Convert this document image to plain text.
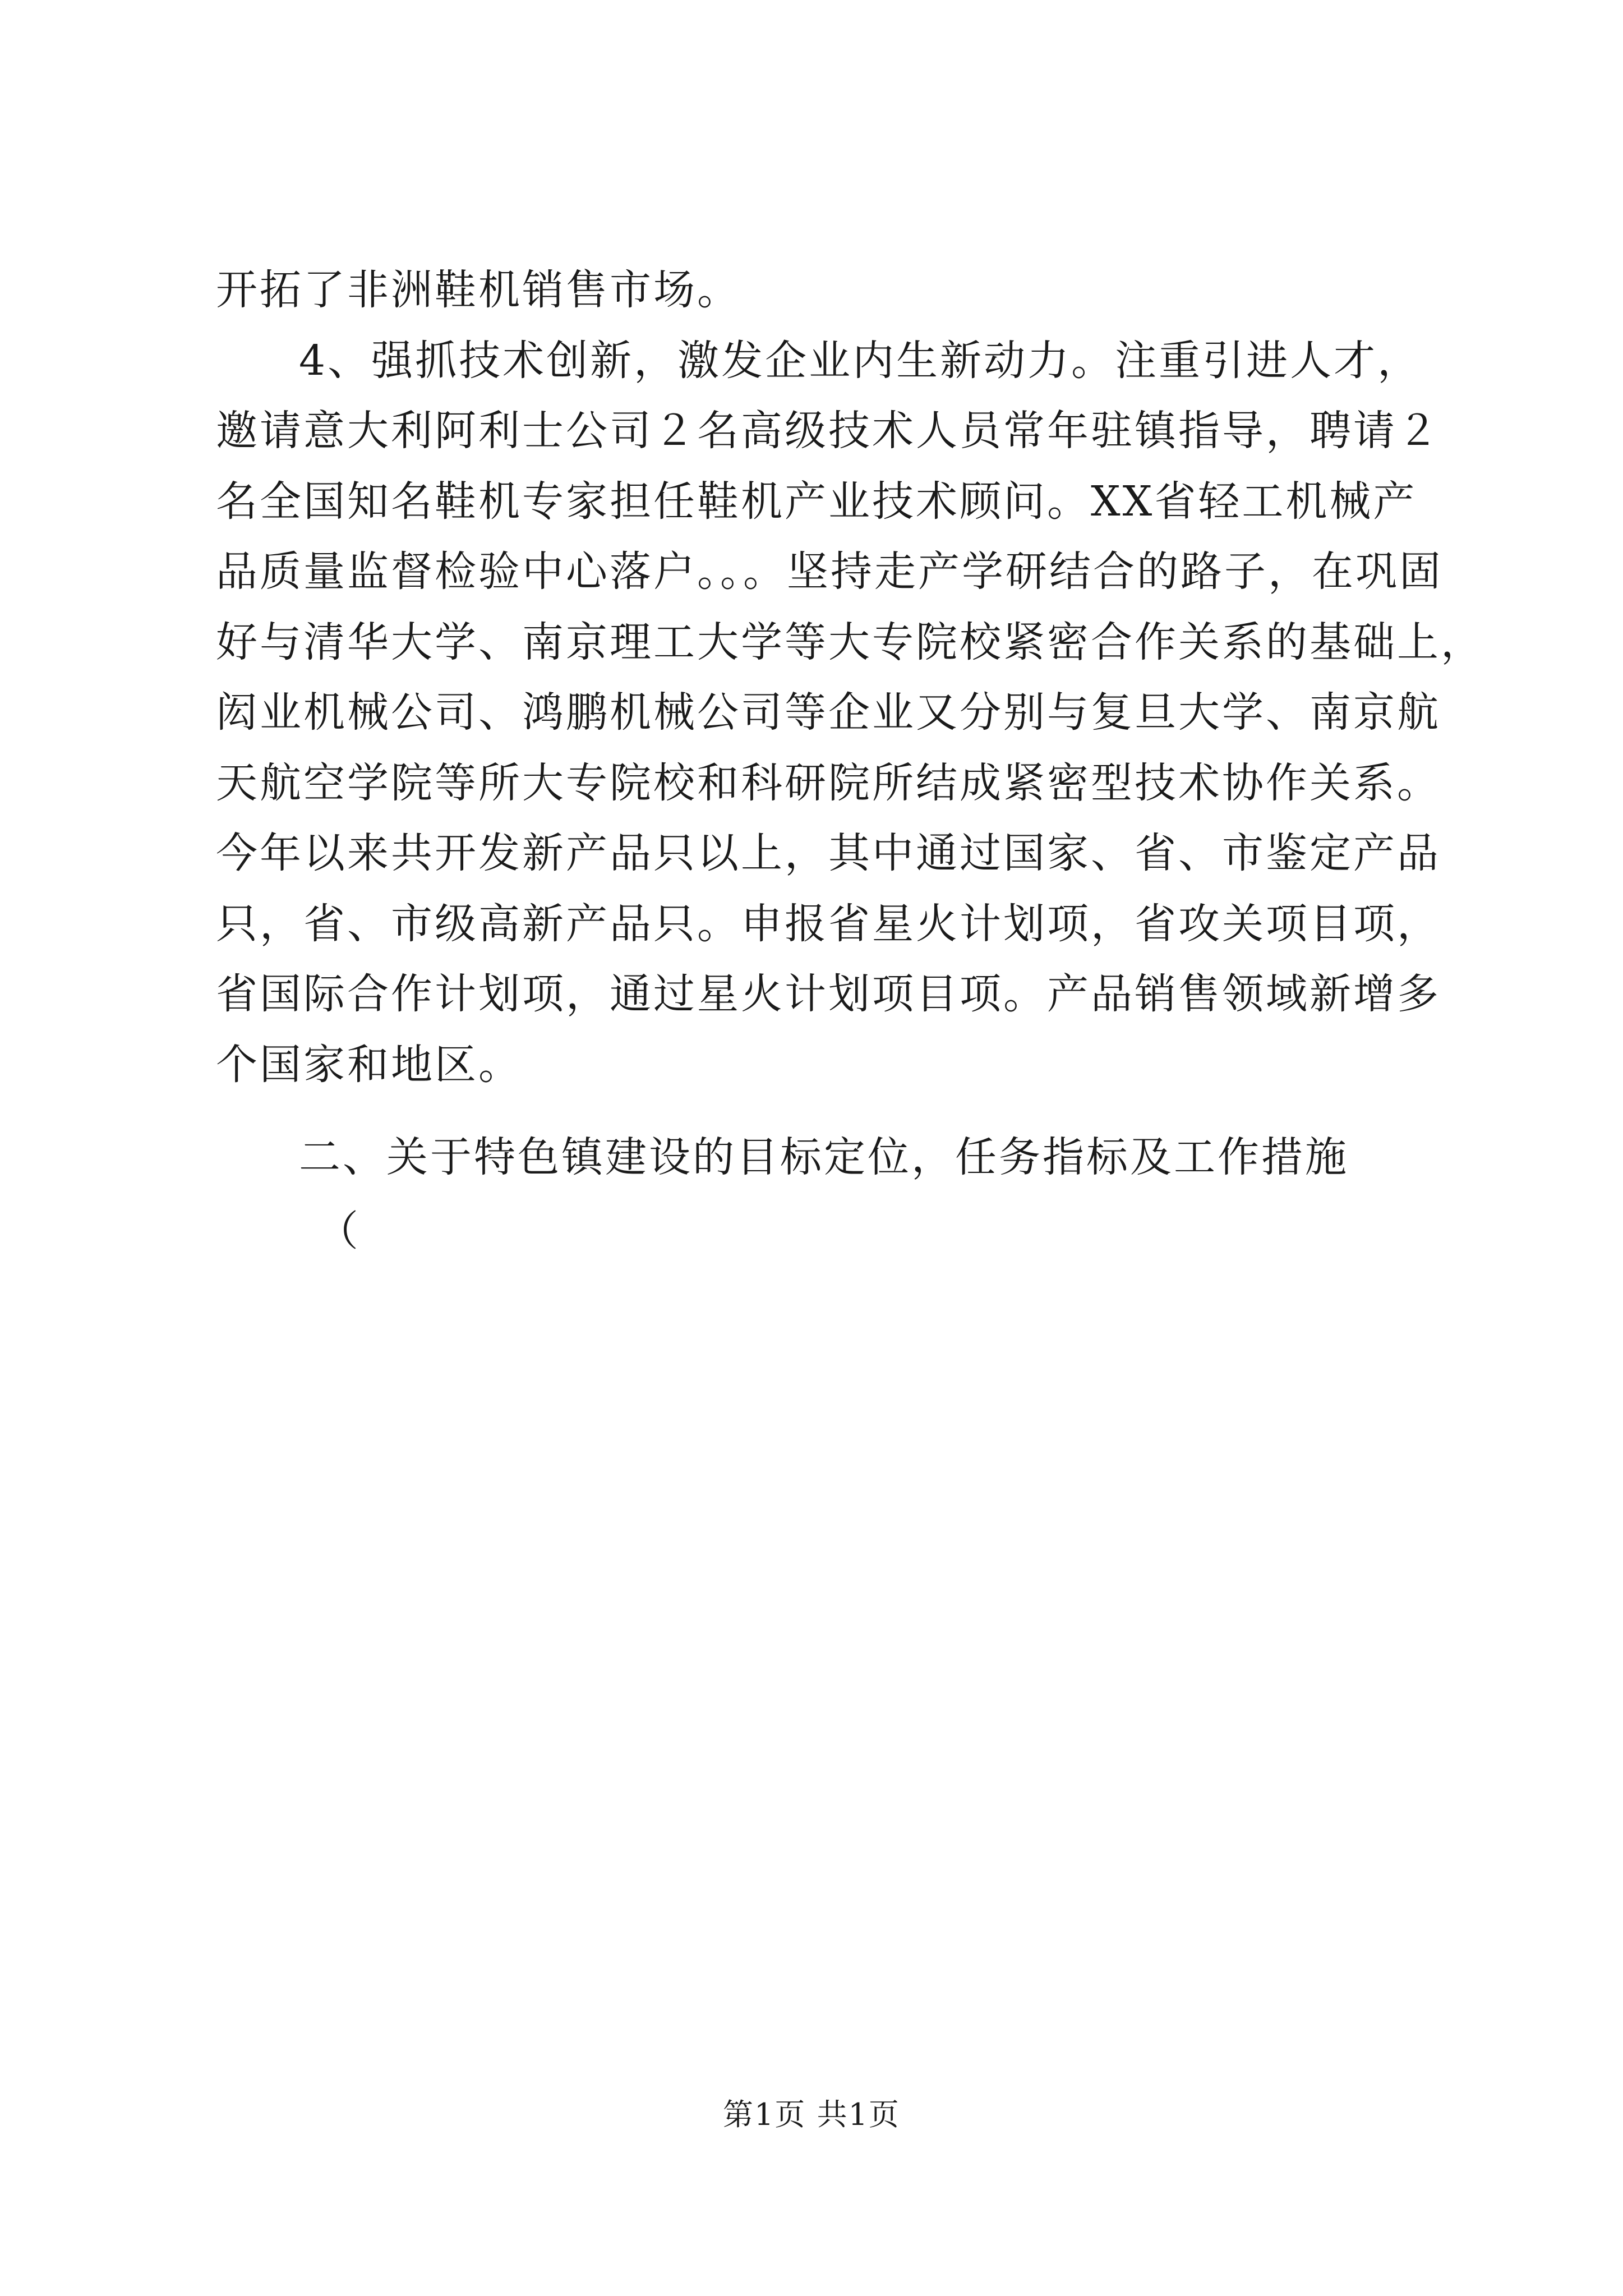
开拓了非洲鞋机销售市场。
4、强抓技术创新，激发企业内生新动力。注重引进人才，
邀请意大利阿利士公司２名高级技术人员常年驻镇指导，聘请２
名全国知名鞋机专家担任鞋机产业技术顾问。XX省轻工机械产
品质量监督检验中心落户。。。坚持走产学研结合的路子，在巩固
好与清华大学、南京理工大学等大专院校紧密合作关系的基础上，
闳业机械公司、鸿鹏机械公司等企业又分别与复旦大学、南京航
天航空学院等所大专院校和科研院所结成紧密型技术协作关系。
今年以来共开发新产品只以上，其中通过国家、省、市鉴定产品
只，省、市级高新产品只。申报省星火计划项，省攻关项目项，
省国际合作计划项，通过星火计划项目项。产品销售领域新增多
个国家和地区。
二、关于特色镇建设的目标定位，任务指标及工作措施
（
第1页 共1页
